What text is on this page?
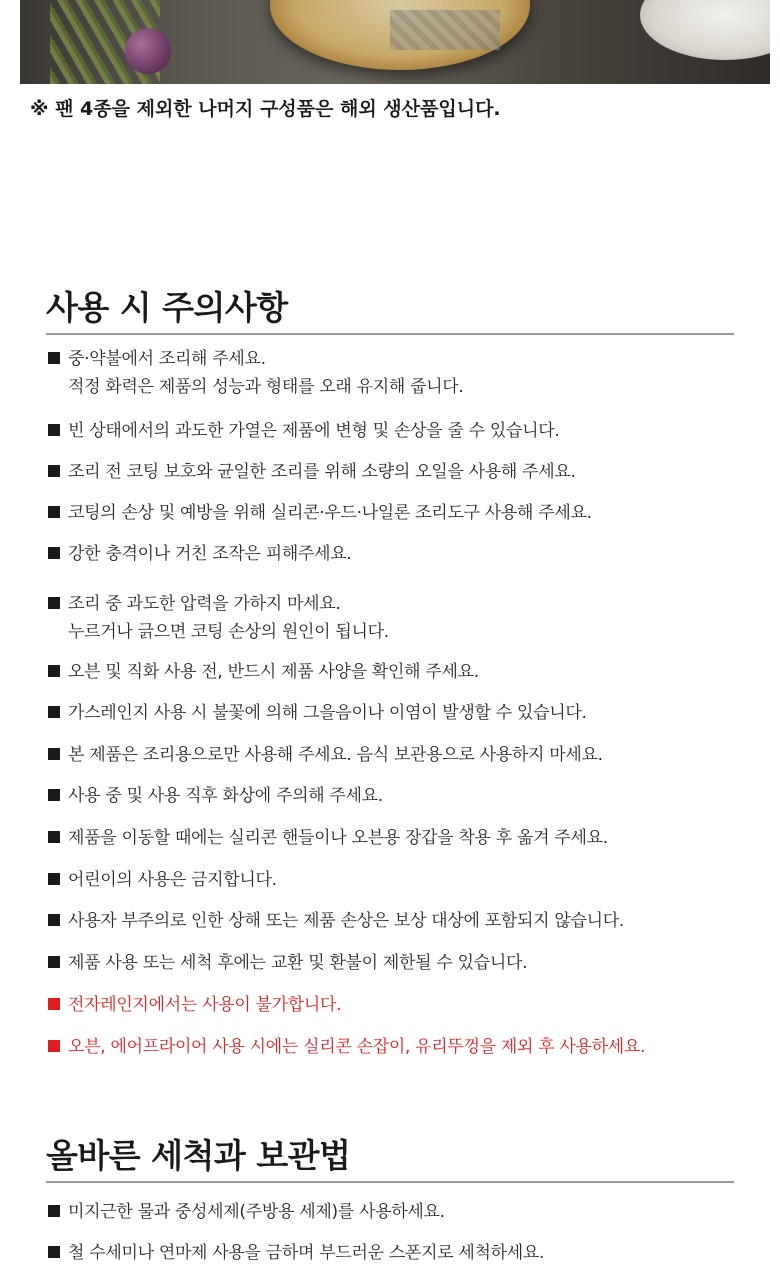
※ 팬 4종을 제외한 나머지 구성품은 해외 생산품입니다.
사용 시 주의사항
중·약불에서 조리해 주세요.
적정 화력은 제품의 성능과 형태를 오래 유지해 줍니다.
빈 상태에서의 과도한 가열은 제품에 변형 및 손상을 줄 수 있습니다.
조리 전 코팅 보호와 균일한 조리를 위해 소량의 오일을 사용해 주세요.
코팅의 손상 및 예방을 위해 실리콘·우드·나일론 조리도구 사용해 주세요.
강한 충격이나 거친 조작은 피해주세요.
조리 중 과도한 압력을 가하지 마세요.
누르거나 긁으면 코팅 손상의 원인이 됩니다.
오븐 및 직화 사용 전, 반드시 제품 사양을 확인해 주세요.
가스레인지 사용 시 불꽃에 의해 그을음이나 이염이 발생할 수 있습니다.
본 제품은 조리용으로만 사용해 주세요. 음식 보관용으로 사용하지 마세요.
사용 중 및 사용 직후 화상에 주의해 주세요.
제품을 이동할 때에는 실리콘 핸들이나 오븐용 장갑을 착용 후 옮겨 주세요.
어린이의 사용은 금지합니다.
사용자 부주의로 인한 상해 또는 제품 손상은 보상 대상에 포함되지 않습니다.
제품 사용 또는 세척 후에는 교환 및 환불이 제한될 수 있습니다.
전자레인지에서는 사용이 불가합니다.
오븐, 에어프라이어 사용 시에는 실리콘 손잡이, 유리뚜껑을 제외 후 사용하세요.
올바른 세척과 보관법
미지근한 물과 중성세제(주방용 세제)를 사용하세요.
철 수세미나 연마제 사용을 금하며 부드러운 스폰지로 세척하세요.
